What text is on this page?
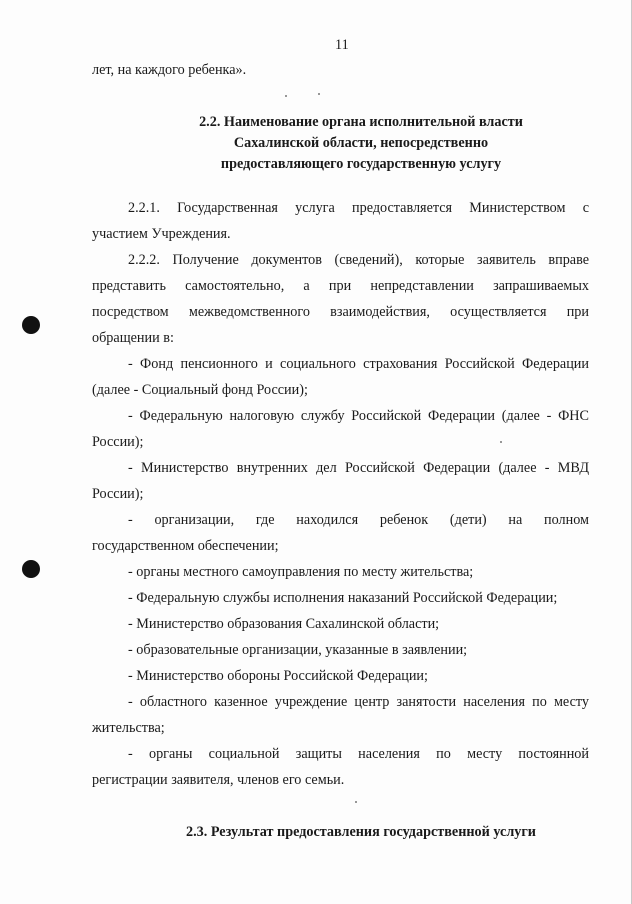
11
лет, на каждого ребенка».
2.2. Наименование органа исполнительной власти
Сахалинской области, непосредственно
предоставляющего государственную услугу
2.2.1. Государственная услуга предоставляется Министерством с
участием Учреждения.
2.2.2. Получение документов (сведений), которые заявитель вправе
представить самостоятельно, а при непредставлении запрашиваемых
посредством межведомственного взаимодействия, осуществляется при
обращении в:
- Фонд пенсионного и социального страхования Российской Федерации
(далее - Социальный фонд России);
- Федеральную налоговую службу Российской Федерации (далее - ФНС
России);
- Министерство внутренних дел Российской Федерации (далее - МВД
России);
- организации, где находился ребенок (дети) на полном
государственном обеспечении;
- органы местного самоуправления по месту жительства;
- Федеральную службы исполнения наказаний Российской Федерации;
- Министерство образования Сахалинской области;
- образовательные организации, указанные в заявлении;
- Министерство обороны Российской Федерации;
- областного казенное учреждение центр занятости населения по месту
жительства;
- органы социальной защиты населения по месту постоянной
регистрации заявителя, членов его семьи.
2.3. Результат предоставления государственной услуги
